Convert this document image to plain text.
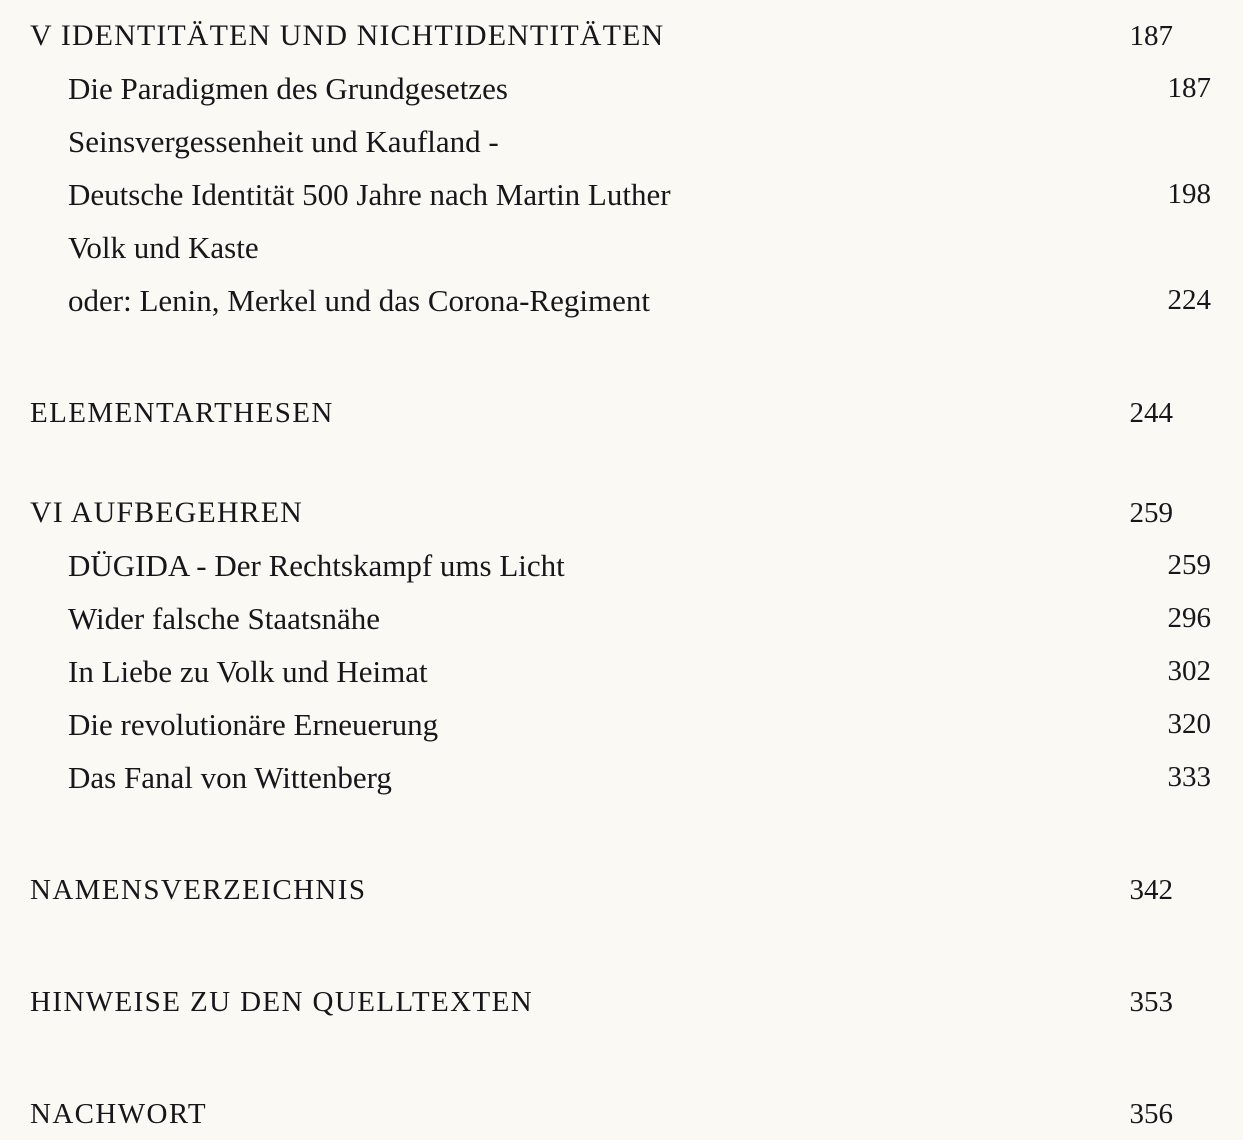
V IDENTITÄTEN UND NICHTIDENTITÄTEN	187
Die Paradigmen des Grundgesetzes	187
Seinsvergessenheit und Kaufland -
Deutsche Identität 500 Jahre nach Martin Luther	198
Volk und Kaste
oder: Lenin, Merkel und das Corona-Regiment	224
ELEMENTARTHESEN	244
VI AUFBEGEHREN	259
DÜGIDA - Der Rechtskampf ums Licht	259
Wider falsche Staatsnähe	296
In Liebe zu Volk und Heimat	302
Die revolutionäre Erneuerung	320
Das Fanal von Wittenberg	333
NAMENSVERZEICHNIS	342
HINWEISE ZU DEN QUELLTEXTEN	353
NACHWORT	356
